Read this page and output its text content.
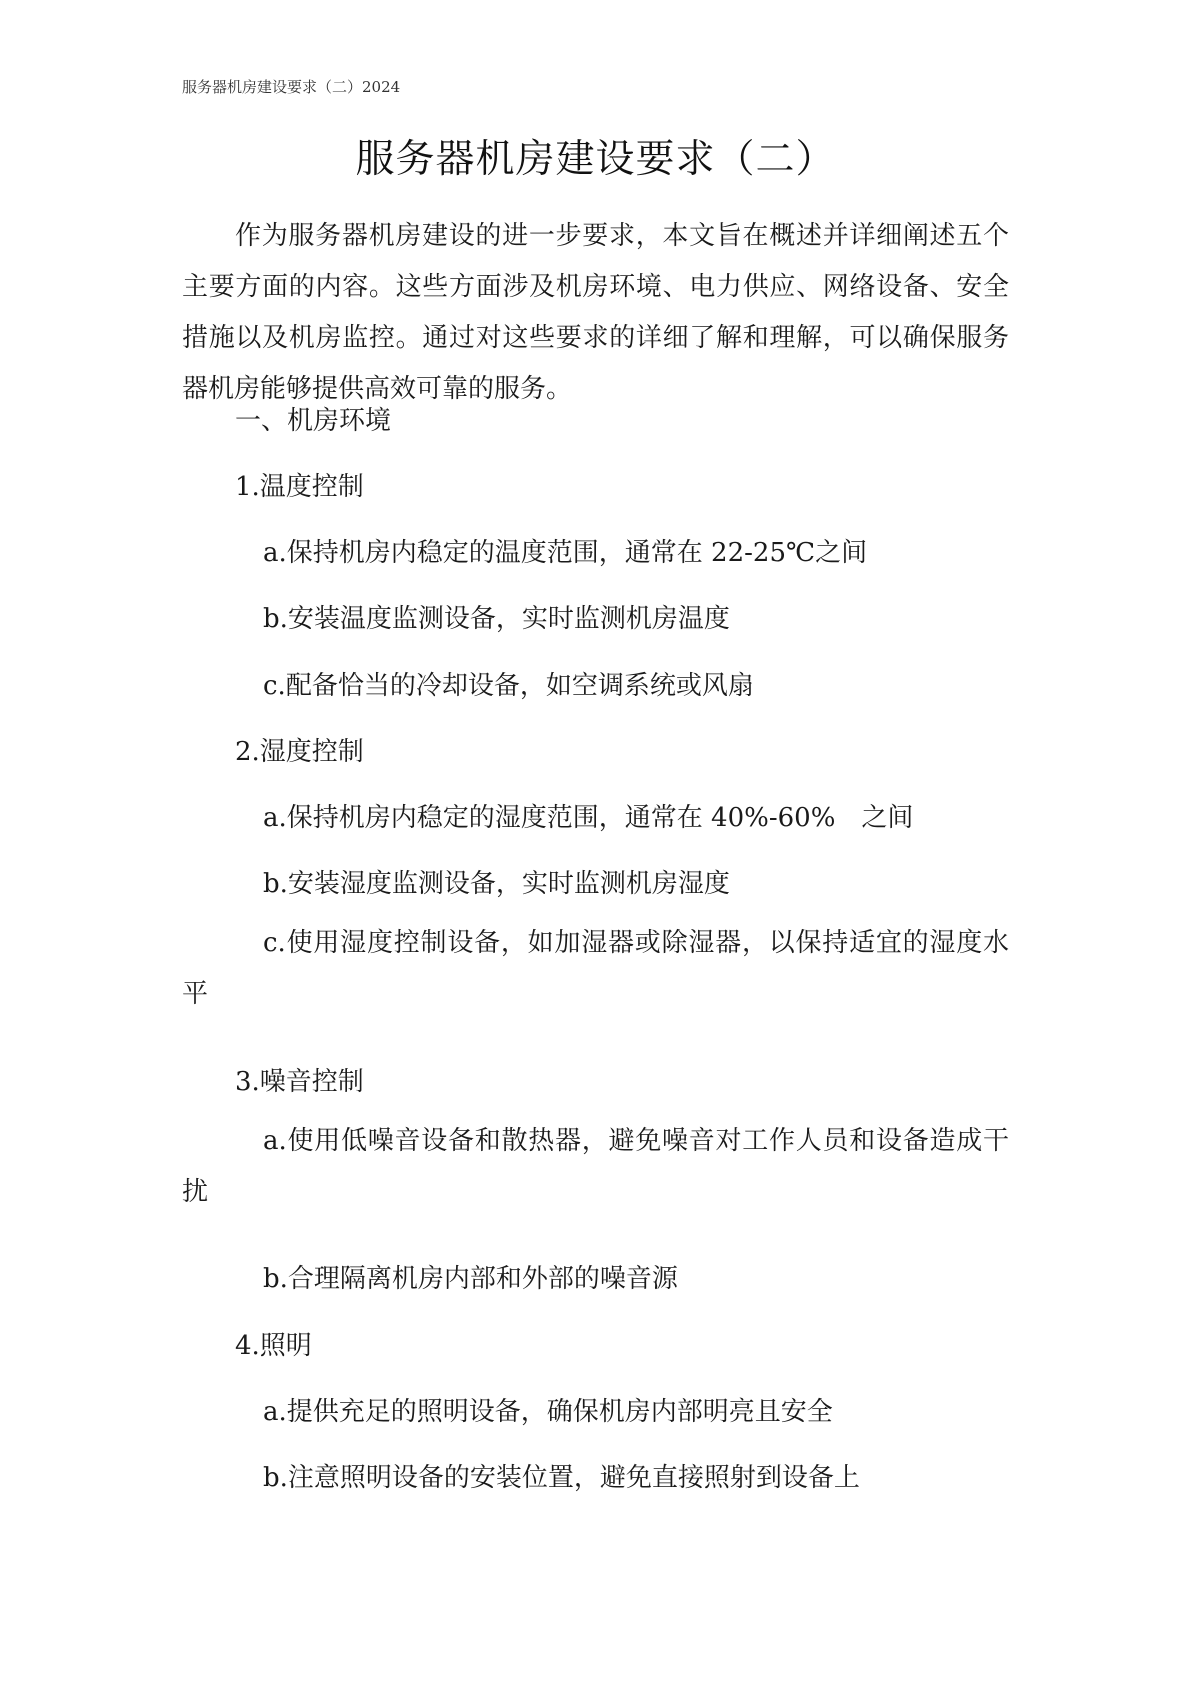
服务器机房建设要求（二）2024
服务器机房建设要求（二）

作为服务器机房建设的进一步要求，本文旨在概述并详细阐述五个主要方面的内容。这些方面涉及机房环境、电力供应、网络设备、安全措施以及机房监控。通过对这些要求的详细了解和理解，可以确保服务器机房能够提供高效可靠的服务。

一、机房环境

1.温度控制

a.保持机房内稳定的温度范围，通常在 22-25℃之间

b.安装温度监测设备，实时监测机房温度

c.配备恰当的冷却设备，如空调系统或风扇

2.湿度控制

a.保持机房内稳定的湿度范围，通常在 40%-60%　之间

b.安装湿度监测设备，实时监测机房湿度

c.使用湿度控制设备，如加湿器或除湿器，以保持适宜的湿度水平

3.噪音控制

a.使用低噪音设备和散热器，避免噪音对工作人员和设备造成干扰

b.合理隔离机房内部和外部的噪音源

4.照明

a.提供充足的照明设备，确保机房内部明亮且安全

b.注意照明设备的安装位置，避免直接照射到设备上
